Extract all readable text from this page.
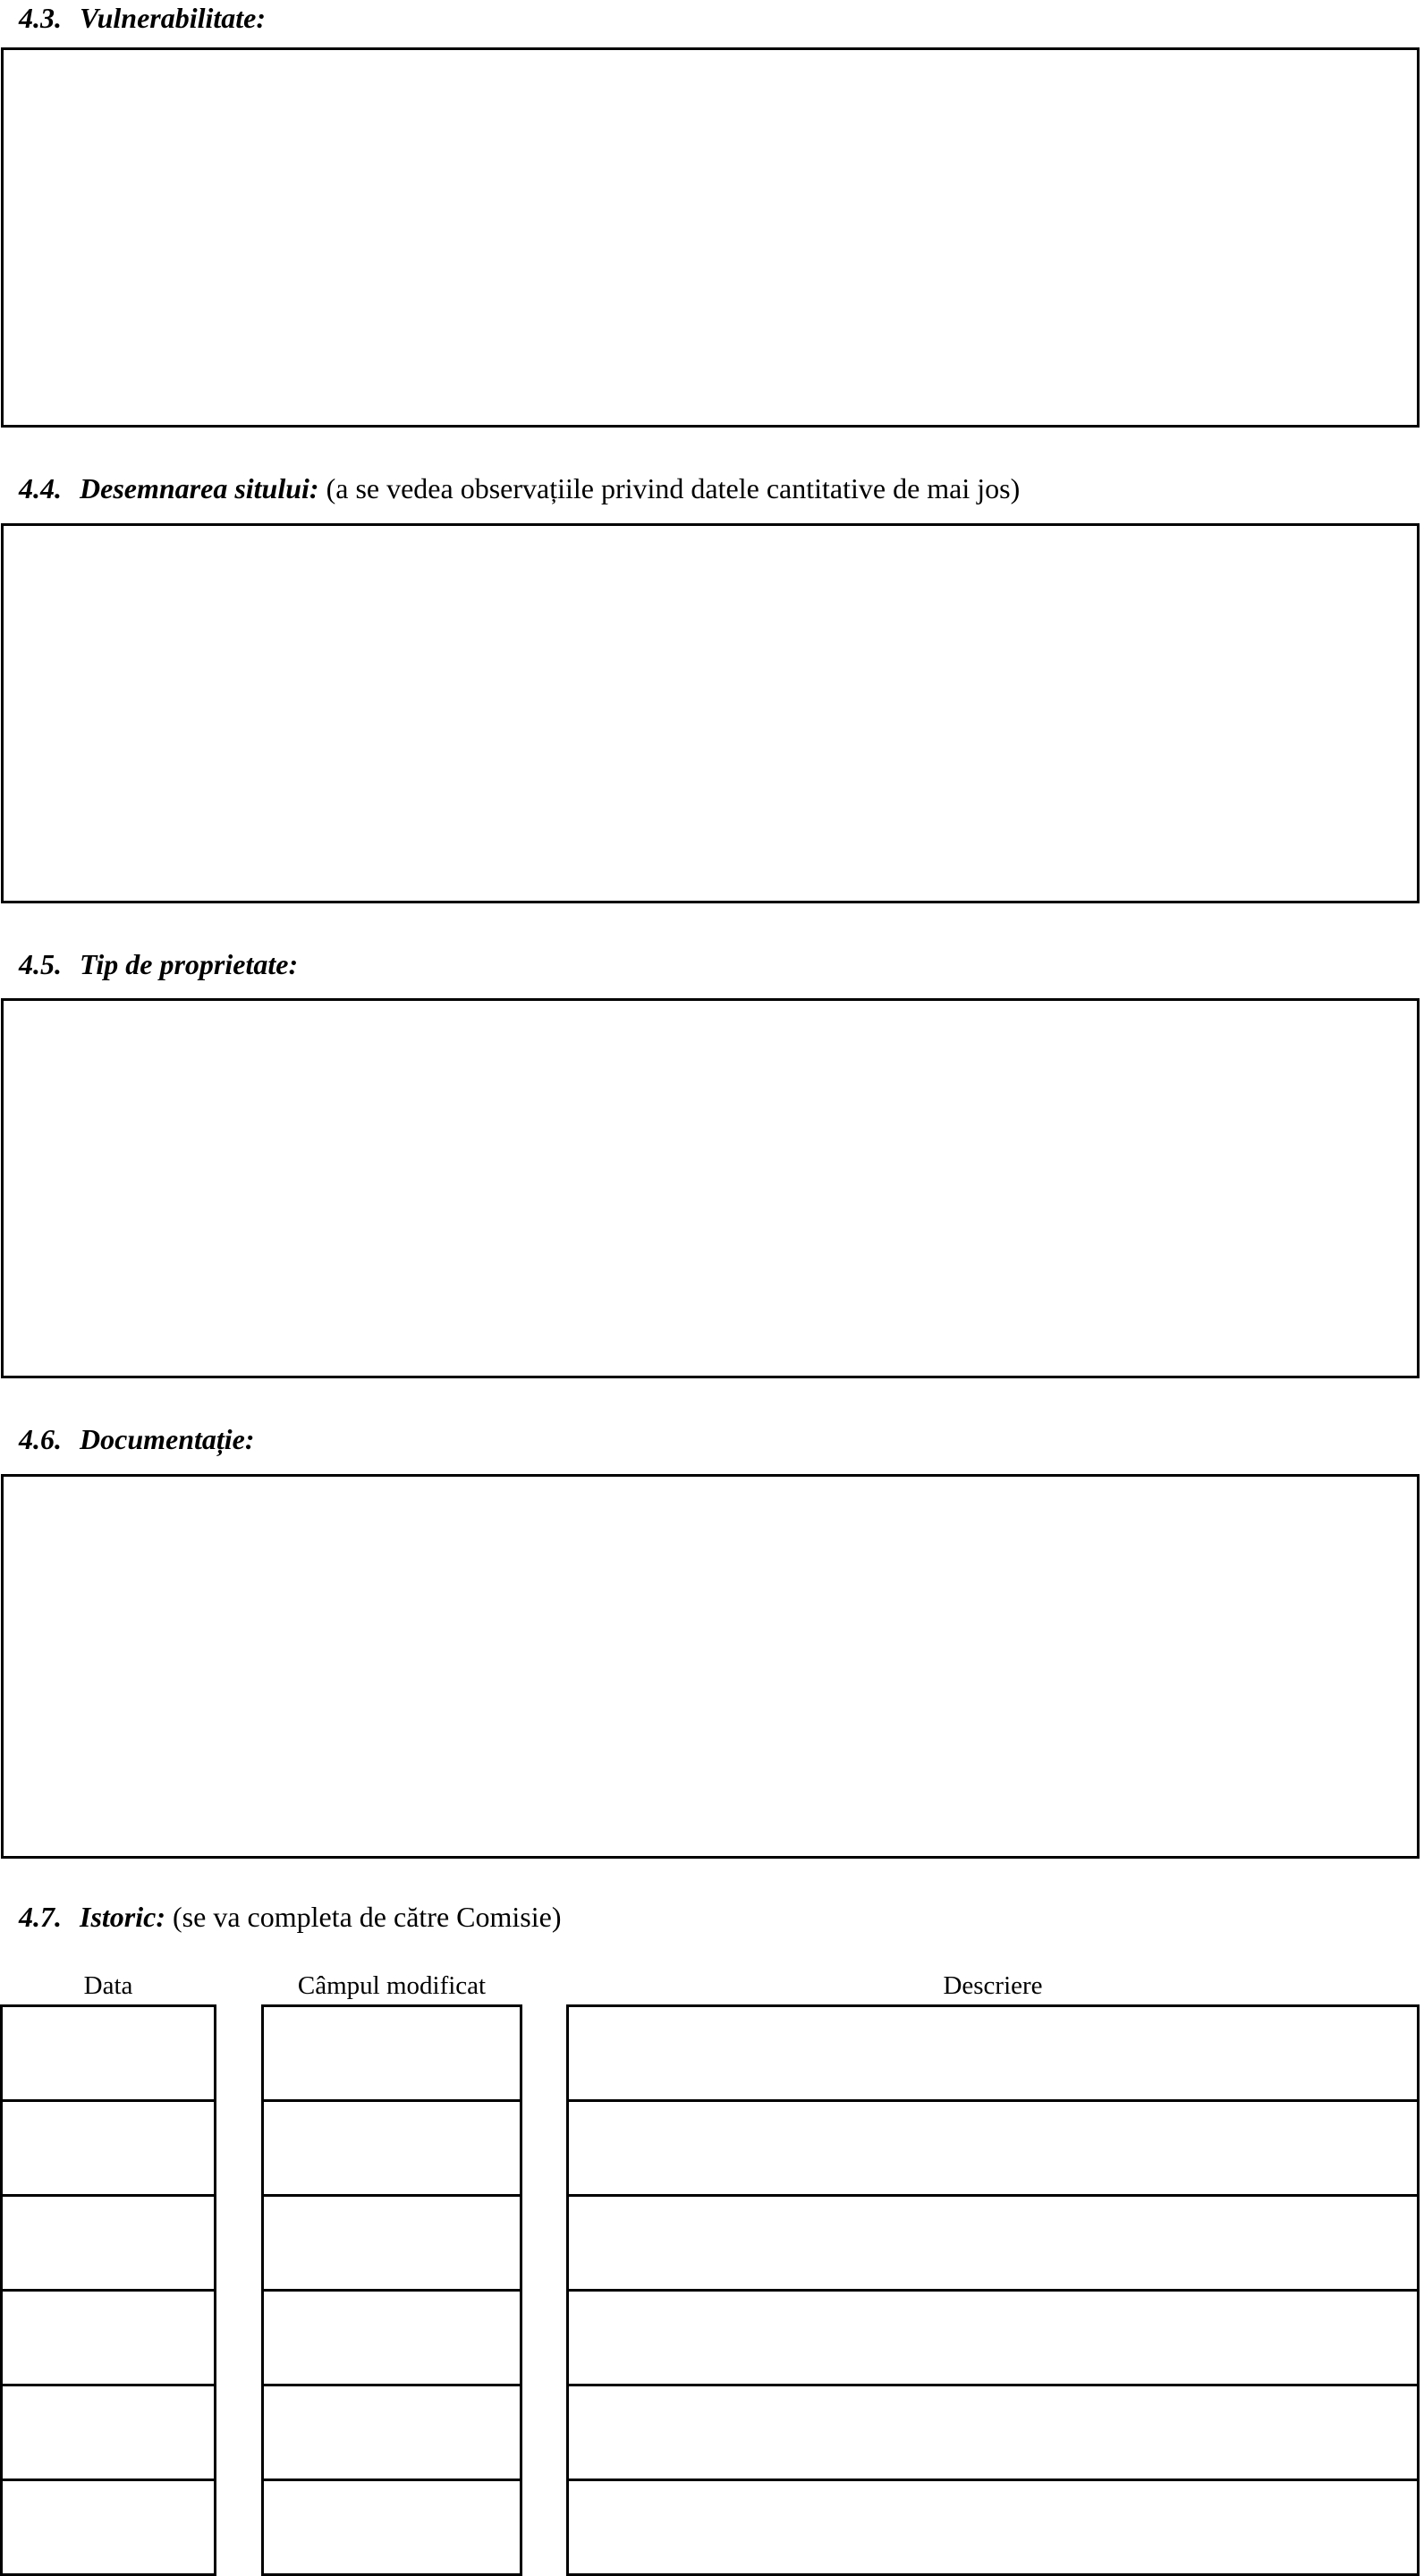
4.3. Vulnerabilitate:
4.4. Desemnarea sitului: (a se vedea observațiile privind datele cantitative de mai jos)
4.5. Tip de proprietate:
4.6. Documentație:
4.7. Istoric: (se va completa de către Comisie)
Data	Câmpul modificat	Descriere
